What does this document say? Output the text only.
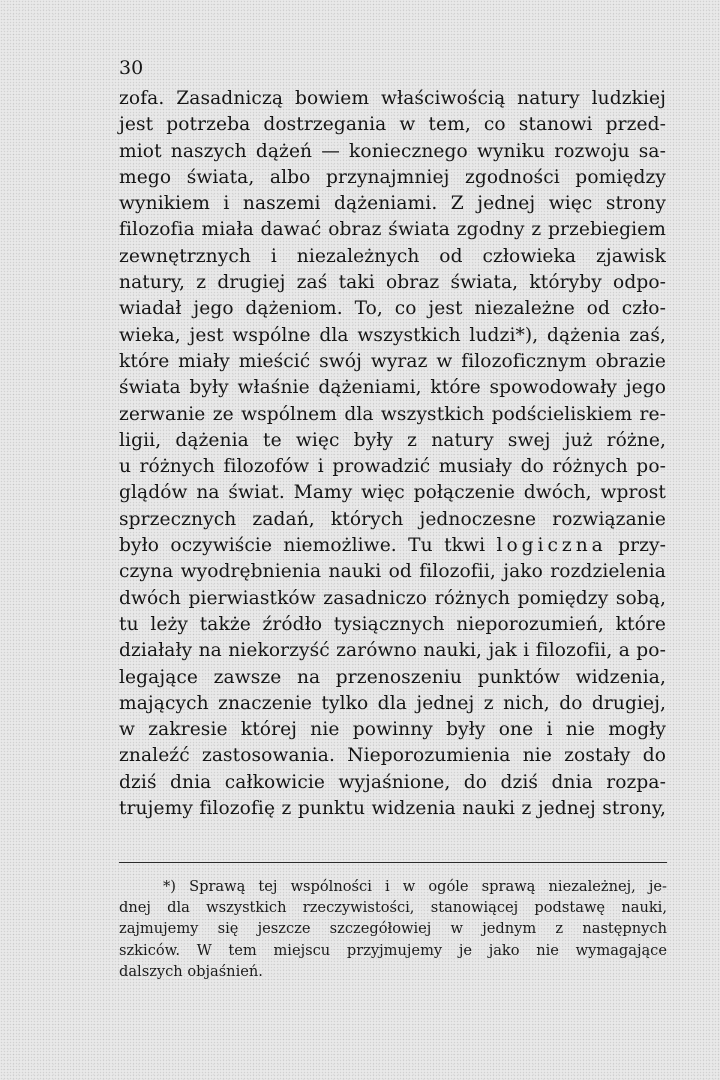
30
zofa. Zasadniczą bowiem właściwością natury ludzkiej
jest potrzeba dostrzegania w tem, co stanowi przed-
miot naszych dążeń — koniecznego wyniku rozwoju sa-
mego świata, albo przynajmniej zgodności pomiędzy
wynikiem i naszemi dążeniami. Z jednej więc strony
filozofia miała dawać obraz świata zgodny z przebiegiem
zewnętrznych i niezależnych od człowieka zjawisk
natury, z drugiej zaś taki obraz świata, któryby odpo-
wiadał jego dążeniom. To, co jest niezależne od czło-
wieka, jest wspólne dla wszystkich ludzi*), dążenia zaś,
które miały mieścić swój wyraz w filozoficznym obrazie
świata były właśnie dążeniami, które spowodowały jego
zerwanie ze wspólnem dla wszystkich podścieliskiem re-
ligii, dążenia te więc były z natury swej już różne,
u różnych filozofów i prowadzić musiały do różnych po-
glądów na świat. Mamy więc połączenie dwóch, wprost
sprzecznych zadań, których jednoczesne rozwiązanie
było oczywiście niemożliwe. Tu tkwi logiczna przy-
czyna wyodrębnienia nauki od filozofii, jako rozdzielenia
dwóch pierwiastków zasadniczo różnych pomiędzy sobą,
tu leży także źródło tysiącznych nieporozumień, które
działały na niekorzyść zarówno nauki, jak i filozofii, a po-
legające zawsze na przenoszeniu punktów widzenia,
mających znaczenie tylko dla jednej z nich, do drugiej,
w zakresie której nie powinny były one i nie mogły
znaleźć zastosowania. Nieporozumienia nie zostały do
dziś dnia całkowicie wyjaśnione, do dziś dnia rozpa-
trujemy filozofię z punktu widzenia nauki z jednej strony,
*) Sprawą tej wspólności i w ogóle sprawą niezależnej, je-
dnej dla wszystkich rzeczywistości, stanowiącej podstawę nauki,
zajmujemy się jeszcze szczegółowiej w jednym z następnych
szkiców. W tem miejscu przyjmujemy je jako nie wymagające
dalszych objaśnień.
